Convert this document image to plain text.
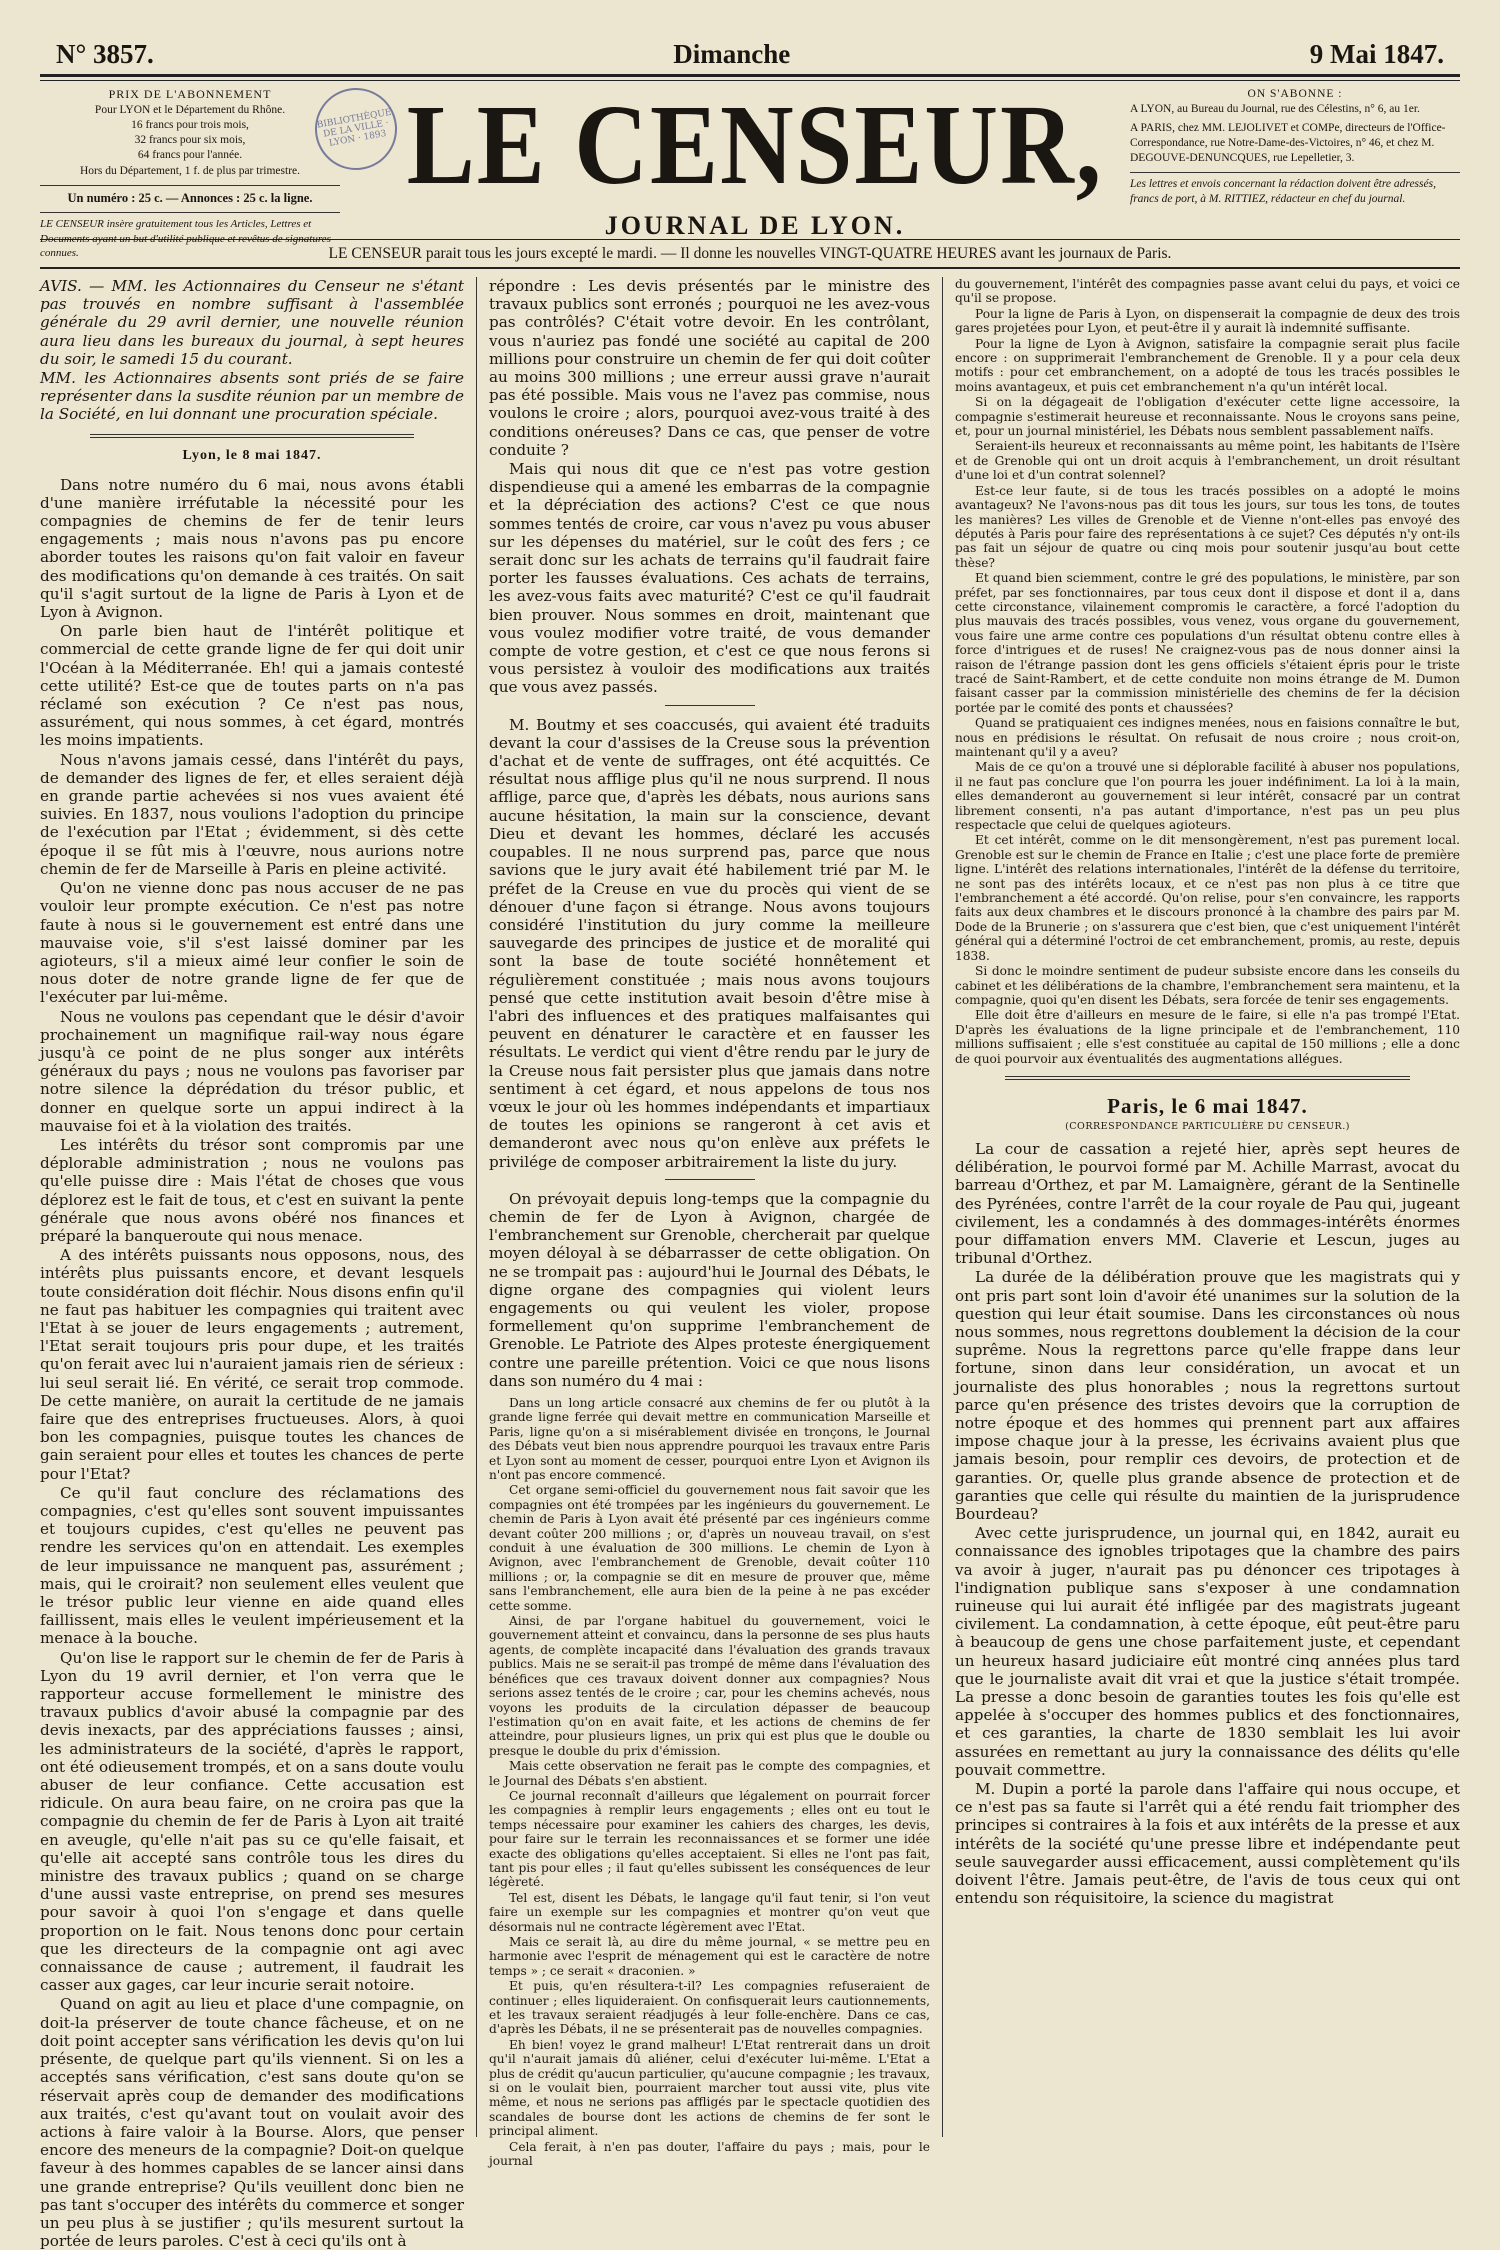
N° 3857.	Dimanche	9 Mai 1847.
PRIX DE L'ABONNEMENT
Pour LYON et le Département du Rhône.
16 francs pour trois mois,
32 francs pour six mois,
64 francs pour l'année.
Hors du Département, 1 f. de plus par trimestre.
Un numéro : 25 c. — Annonces : 25 c. la ligne.
LE CENSEUR insère gratuitement tous les Articles, Lettres et Documents ayant un but d'utilité publique et revêtus de signatures connues.
LE CENSEUR,
JOURNAL DE LYON.
ON S'ABONNE :
A LYON, au Bureau du Journal, rue des Célestins, n° 6, au 1er.
A PARIS, chez MM. LEJOLIVET et COMPe, directeurs de l'Office-Correspondance, rue Notre-Dame-des-Victoires, n° 46, et chez M. DEGOUVE-DENUNCQUES, rue Lepelletier, 3.
Les lettres et envois concernant la rédaction doivent être adressés, francs de port, à M. RITTIEZ, rédacteur en chef du journal.
BIBLIOTHÈQUE DE LA VILLE · LYON · 1893
LE CENSEUR parait tous les jours excepté le mardi. — Il donne les nouvelles VINGT-QUATRE HEURES avant les journaux de Paris.

AVIS. — MM. les Actionnaires du Censeur ne s'étant pas trouvés en nombre suffisant à l'assemblée générale du 29 avril dernier, une nouvelle réunion aura lieu dans les bureaux du journal, à sept heures du soir, le samedi 15 du courant.

MM. les Actionnaires absents sont priés de se faire représenter dans la susdite réunion par un membre de la Société, en lui donnant une procuration spéciale.

Lyon, le 8 mai 1847.

Dans notre numéro du 6 mai, nous avons établi d'une manière irréfutable la nécessité pour les compagnies de chemins de fer de tenir leurs engagements ; mais nous n'avons pas pu encore aborder toutes les raisons qu'on fait valoir en faveur des modifications qu'on demande à ces traités. On sait qu'il s'agit surtout de la ligne de Paris à Lyon et de Lyon à Avignon.

On parle bien haut de l'intérêt politique et commercial de cette grande ligne de fer qui doit unir l'Océan à la Méditerranée. Eh! qui a jamais contesté cette utilité? Est-ce que de toutes parts on n'a pas réclamé son exécution ? Ce n'est pas nous, assurément, qui nous sommes, à cet égard, montrés les moins impatients.

Nous n'avons jamais cessé, dans l'intérêt du pays, de demander des lignes de fer, et elles seraient déjà en grande partie achevées si nos vues avaient été suivies. En 1837, nous voulions l'adoption du principe de l'exécution par l'Etat ; évidemment, si dès cette époque il se fût mis à l'œuvre, nous aurions notre chemin de fer de Marseille à Paris en pleine activité.

Qu'on ne vienne donc pas nous accuser de ne pas vouloir leur prompte exécution. Ce n'est pas notre faute à nous si le gouvernement est entré dans une mauvaise voie, s'il s'est laissé dominer par les agioteurs, s'il a mieux aimé leur confier le soin de nous doter de notre grande ligne de fer que de l'exécuter par lui-même.

Nous ne voulons pas cependant que le désir d'avoir prochainement un magnifique rail-way nous égare jusqu'à ce point de ne plus songer aux intérêts généraux du pays ; nous ne voulons pas favoriser par notre silence la déprédation du trésor public, et donner en quelque sorte un appui indirect à la mauvaise foi et à la violation des traités.

Les intérêts du trésor sont compromis par une déplorable administration ; nous ne voulons pas qu'elle puisse dire : Mais l'état de choses que vous déplorez est le fait de tous, et c'est en suivant la pente générale que nous avons obéré nos finances et préparé la banqueroute qui nous menace.

A des intérêts puissants nous opposons, nous, des intérêts plus puissants encore, et devant lesquels toute considération doit fléchir. Nous disons enfin qu'il ne faut pas habituer les compagnies qui traitent avec l'Etat à se jouer de leurs engagements ; autrement, l'Etat serait toujours pris pour dupe, et les traités qu'on ferait avec lui n'auraient jamais rien de sérieux : lui seul serait lié. En vérité, ce serait trop commode. De cette manière, on aurait la certitude de ne jamais faire que des entreprises fructueuses. Alors, à quoi bon les compagnies, puisque toutes les chances de gain seraient pour elles et toutes les chances de perte pour l'Etat?

Ce qu'il faut conclure des réclamations des compagnies, c'est qu'elles sont souvent impuissantes et toujours cupides, c'est qu'elles ne peuvent pas rendre les services qu'on en attendait. Les exemples de leur impuissance ne manquent pas, assurément ; mais, qui le croirait? non seulement elles veulent que le trésor public leur vienne en aide quand elles faillissent, mais elles le veulent impérieusement et la menace à la bouche.

Qu'on lise le rapport sur le chemin de fer de Paris à Lyon du 19 avril dernier, et l'on verra que le rapporteur accuse formellement le ministre des travaux publics d'avoir abusé la compagnie par des devis inexacts, par des appréciations fausses ; ainsi, les administrateurs de la société, d'après le rapport, ont été odieusement trompés, et on a sans doute voulu abuser de leur confiance. Cette accusation est ridicule. On aura beau faire, on ne croira pas que la compagnie du chemin de fer de Paris à Lyon ait traité en aveugle, qu'elle n'ait pas su ce qu'elle faisait, et qu'elle ait accepté sans contrôle tous les dires du ministre des travaux publics ; quand on se charge d'une aussi vaste entreprise, on prend ses mesures pour savoir à quoi l'on s'engage et dans quelle proportion on le fait. Nous tenons donc pour certain que les directeurs de la compagnie ont agi avec connaissance de cause ; autrement, il faudrait les casser aux gages, car leur incurie serait notoire.

Quand on agit au lieu et place d'une compagnie, on doit-la préserver de toute chance fâcheuse, et on ne doit point accepter sans vérification les devis qu'on lui présente, de quelque part qu'ils viennent. Si on les a acceptés sans vérification, c'est sans doute qu'on se réservait après coup de demander des modifications aux traités, c'est qu'avant tout on voulait avoir des actions à faire valoir à la Bourse. Alors, que penser encore des meneurs de la compagnie? Doit-on quelque faveur à des hommes capables de se lancer ainsi dans une grande entreprise? Qu'ils veuillent donc bien ne pas tant s'occuper des intérêts du commerce et songer un peu plus à se justifier ; qu'ils mesurent surtout la portée de leurs paroles. C'est à ceci qu'ils ont à

répondre : Les devis présentés par le ministre des travaux publics sont erronés ; pourquoi ne les avez-vous pas contrôlés? C'était votre devoir. En les contrôlant, vous n'auriez pas fondé une société au capital de 200 millions pour construire un chemin de fer qui doit coûter au moins 300 millions ; une erreur aussi grave n'aurait pas été possible. Mais vous ne l'avez pas commise, nous voulons le croire ; alors, pourquoi avez-vous traité à des conditions onéreuses? Dans ce cas, que penser de votre conduite ?

Mais qui nous dit que ce n'est pas votre gestion dispendieuse qui a amené les embarras de la compagnie et la dépréciation des actions? C'est ce que nous sommes tentés de croire, car vous n'avez pu vous abuser sur les dépenses du matériel, sur le coût des fers ; ce serait donc sur les achats de terrains qu'il faudrait faire porter les fausses évaluations. Ces achats de terrains, les avez-vous faits avec maturité? C'est ce qu'il faudrait bien prouver. Nous sommes en droit, maintenant que vous voulez modifier votre traité, de vous demander compte de votre gestion, et c'est ce que nous ferons si vous persistez à vouloir des modifications aux traités que vous avez passés.

M. Boutmy et ses coaccusés, qui avaient été traduits devant la cour d'assises de la Creuse sous la prévention d'achat et de vente de suffrages, ont été acquittés. Ce résultat nous afflige plus qu'il ne nous surprend. Il nous afflige, parce que, d'après les débats, nous aurions sans aucune hésitation, la main sur la conscience, devant Dieu et devant les hommes, déclaré les accusés coupables. Il ne nous surprend pas, parce que nous savions que le jury avait été habilement trié par M. le préfet de la Creuse en vue du procès qui vient de se dénouer d'une façon si étrange. Nous avons toujours considéré l'institution du jury comme la meilleure sauvegarde des principes de justice et de moralité qui sont la base de toute société honnêtement et régulièrement constituée ; mais nous avons toujours pensé que cette institution avait besoin d'être mise à l'abri des influences et des pratiques malfaisantes qui peuvent en dénaturer le caractère et en fausser les résultats. Le verdict qui vient d'être rendu par le jury de la Creuse nous fait persister plus que jamais dans notre sentiment à cet égard, et nous appelons de tous nos vœux le jour où les hommes indépendants et impartiaux de toutes les opinions se rangeront à cet avis et demanderont avec nous qu'on enlève aux préfets le privilége de composer arbitrairement la liste du jury.

On prévoyait depuis long-temps que la compagnie du chemin de fer de Lyon à Avignon, chargée de l'embranchement sur Grenoble, chercherait par quelque moyen déloyal à se débarrasser de cette obligation. On ne se trompait pas : aujourd'hui le Journal des Débats, le digne organe des compagnies qui violent leurs engagements ou qui veulent les violer, propose formellement qu'on supprime l'embranchement de Grenoble. Le Patriote des Alpes proteste énergiquement contre une pareille prétention. Voici ce que nous lisons dans son numéro du 4 mai :

Dans un long article consacré aux chemins de fer ou plutôt à la grande ligne ferrée qui devait mettre en communication Marseille et Paris, ligne qu'on a si misérablement divisée en tronçons, le Journal des Débats veut bien nous apprendre pourquoi les travaux entre Paris et Lyon sont au moment de cesser, pourquoi entre Lyon et Avignon ils n'ont pas encore commencé.

Cet organe semi-officiel du gouvernement nous fait savoir que les compagnies ont été trompées par les ingénieurs du gouvernement. Le chemin de Paris à Lyon avait été présenté par ces ingénieurs comme devant coûter 200 millions ; or, d'après un nouveau travail, on s'est conduit à une évaluation de 300 millions. Le chemin de Lyon à Avignon, avec l'embranchement de Grenoble, devait coûter 110 millions ; or, la compagnie se dit en mesure de prouver que, même sans l'embranchement, elle aura bien de la peine à ne pas excéder cette somme.

Ainsi, de par l'organe habituel du gouvernement, voici le gouvernement atteint et convaincu, dans la personne de ses plus hauts agents, de complète incapacité dans l'évaluation des grands travaux publics. Mais ne se serait-il pas trompé de même dans l'évaluation des bénéfices que ces travaux doivent donner aux compagnies? Nous serions assez tentés de le croire ; car, pour les chemins achevés, nous voyons les produits de la circulation dépasser de beaucoup l'estimation qu'on en avait faite, et les actions de chemins de fer atteindre, pour plusieurs lignes, un prix qui est plus que le double ou presque le double du prix d'émission.

Mais cette observation ne ferait pas le compte des compagnies, et le Journal des Débats s'en abstient.

Ce journal reconnaît d'ailleurs que légalement on pourrait forcer les compagnies à remplir leurs engagements ; elles ont eu tout le temps nécessaire pour examiner les cahiers des charges, les devis, pour faire sur le terrain les reconnaissances et se former une idée exacte des obligations qu'elles acceptaient. Si elles ne l'ont pas fait, tant pis pour elles ; il faut qu'elles subissent les conséquences de leur légèreté.

Tel est, disent les Débats, le langage qu'il faut tenir, si l'on veut faire un exemple sur les compagnies et montrer qu'on veut que désormais nul ne contracte légèrement avec l'Etat.

Mais ce serait là, au dire du même journal, « se mettre peu en harmonie avec l'esprit de ménagement qui est le caractère de notre temps » ; ce serait « draconien. »

Et puis, qu'en résultera-t-il? Les compagnies refuseraient de continuer ; elles liquideraient. On confisquerait leurs cautionnements, et les travaux seraient réadjugés à leur folle-enchère. Dans ce cas, d'après les Débats, il ne se présenterait pas de nouvelles compagnies.

Eh bien! voyez le grand malheur! L'Etat rentrerait dans un droit qu'il n'aurait jamais dû aliéner, celui d'exécuter lui-même. L'Etat a plus de crédit qu'aucun particulier, qu'aucune compagnie ; les travaux, si on le voulait bien, pourraient marcher tout aussi vite, plus vite même, et nous ne serions pas affligés par le spectacle quotidien des scandales de bourse dont les actions de chemins de fer sont le principal aliment.

Cela ferait, à n'en pas douter, l'affaire du pays ; mais, pour le journal

du gouvernement, l'intérêt des compagnies passe avant celui du pays, et voici ce qu'il se propose.

Pour la ligne de Paris à Lyon, on dispenserait la compagnie de deux des trois gares projetées pour Lyon, et peut-être il y aurait là indemnité suffisante.

Pour la ligne de Lyon à Avignon, satisfaire la compagnie serait plus facile encore : on supprimerait l'embranchement de Grenoble. Il y a pour cela deux motifs : pour cet embranchement, on a adopté de tous les tracés possibles le moins avantageux, et puis cet embranchement n'a qu'un intérêt local.

Si on la dégageait de l'obligation d'exécuter cette ligne accessoire, la compagnie s'estimerait heureuse et reconnaissante. Nous le croyons sans peine, et, pour un journal ministériel, les Débats nous semblent passablement naïfs.

Seraient-ils heureux et reconnaissants au même point, les habitants de l'Isère et de Grenoble qui ont un droit acquis à l'embranchement, un droit résultant d'une loi et d'un contrat solennel?

Est-ce leur faute, si de tous les tracés possibles on a adopté le moins avantageux? Ne l'avons-nous pas dit tous les jours, sur tous les tons, de toutes les manières? Les villes de Grenoble et de Vienne n'ont-elles pas envoyé des députés à Paris pour faire des représentations à ce sujet? Ces députés n'y ont-ils pas fait un séjour de quatre ou cinq mois pour soutenir jusqu'au bout cette thèse?

Et quand bien sciemment, contre le gré des populations, le ministère, par son préfet, par ses fonctionnaires, par tous ceux dont il dispose et dont il a, dans cette circonstance, vilainement compromis le caractère, a forcé l'adoption du plus mauvais des tracés possibles, vous venez, vous organe du gouvernement, vous faire une arme contre ces populations d'un résultat obtenu contre elles à force d'intrigues et de ruses! Ne craignez-vous pas de nous donner ainsi la raison de l'étrange passion dont les gens officiels s'étaient épris pour le triste tracé de Saint-Rambert, et de cette conduite non moins étrange de M. Dumon faisant casser par la commission ministérielle des chemins de fer la décision portée par le comité des ponts et chaussées?

Quand se pratiquaient ces indignes menées, nous en faisions connaître le but, nous en prédisions le résultat. On refusait de nous croire ; nous croit-on, maintenant qu'il y a aveu?

Mais de ce qu'on a trouvé une si déplorable facilité à abuser nos populations, il ne faut pas conclure que l'on pourra les jouer indéfiniment. La loi à la main, elles demanderont au gouvernement si leur intérêt, consacré par un contrat librement consenti, n'a pas autant d'importance, n'est pas un peu plus respectacle que celui de quelques agioteurs.

Et cet intérêt, comme on le dit mensongèrement, n'est pas purement local. Grenoble est sur le chemin de France en Italie ; c'est une place forte de première ligne. L'intérêt des relations internationales, l'intérêt de la défense du territoire, ne sont pas des intérêts locaux, et ce n'est pas non plus à ce titre que l'embranchement a été accordé. Qu'on relise, pour s'en convaincre, les rapports faits aux deux chambres et le discours prononcé à la chambre des pairs par M. Dode de la Brunerie ; on s'assurera que c'est bien, que c'est uniquement l'intérêt général qui a déterminé l'octroi de cet embranchement, promis, au reste, depuis 1838.

Si donc le moindre sentiment de pudeur subsiste encore dans les conseils du cabinet et les délibérations de la chambre, l'embranchement sera maintenu, et la compagnie, quoi qu'en disent les Débats, sera forcée de tenir ses engagements.

Elle doit être d'ailleurs en mesure de le faire, si elle n'a pas trompé l'Etat. D'après les évaluations de la ligne principale et de l'embranchement, 110 millions suffisaient ; elle s'est constituée au capital de 150 millions ; elle a donc de quoi pourvoir aux éventualités des augmentations allégues.

Paris, le 6 mai 1847.
(CORRESPONDANCE PARTICULIÈRE DU CENSEUR.)

La cour de cassation a rejeté hier, après sept heures de délibération, le pourvoi formé par M. Achille Marrast, avocat du barreau d'Orthez, et par M. Lamaignère, gérant de la Sentinelle des Pyrénées, contre l'arrêt de la cour royale de Pau qui, jugeant civilement, les a condamnés à des dommages-intérêts énormes pour diffamation envers MM. Claverie et Lescun, juges au tribunal d'Orthez.

La durée de la délibération prouve que les magistrats qui y ont pris part sont loin d'avoir été unanimes sur la solution de la question qui leur était soumise. Dans les circonstances où nous nous sommes, nous regrettons doublement la décision de la cour suprême. Nous la regrettons parce qu'elle frappe dans leur fortune, sinon dans leur considération, un avocat et un journaliste des plus honorables ; nous la regrettons surtout parce qu'en présence des tristes devoirs que la corruption de notre époque et des hommes qui prennent part aux affaires impose chaque jour à la presse, les écrivains avaient plus que jamais besoin, pour remplir ces devoirs, de protection et de garanties. Or, quelle plus grande absence de protection et de garanties que celle qui résulte du maintien de la jurisprudence Bourdeau?

Avec cette jurisprudence, un journal qui, en 1842, aurait eu connaissance des ignobles tripotages que la chambre des pairs va avoir à juger, n'aurait pas pu dénoncer ces tripotages à l'indignation publique sans s'exposer à une condamnation ruineuse qui lui aurait été infligée par des magistrats jugeant civilement. La condamnation, à cette époque, eût peut-être paru à beaucoup de gens une chose parfaitement juste, et cependant un heureux hasard judiciaire eût montré cinq années plus tard que le journaliste avait dit vrai et que la justice s'était trompée. La presse a donc besoin de garanties toutes les fois qu'elle est appelée à s'occuper des hommes publics et des fonctionnaires, et ces garanties, la charte de 1830 semblait les lui avoir assurées en remettant au jury la connaissance des délits qu'elle pouvait commettre.

M. Dupin a porté la parole dans l'affaire qui nous occupe, et ce n'est pas sa faute si l'arrêt qui a été rendu fait triompher des principes si contraires à la fois et aux intérêts de la presse et aux intérêts de la société qu'une presse libre et indépendante peut seule sauvegarder aussi efficacement, aussi complètement qu'ils doivent l'être. Jamais peut-être, de l'avis de tous ceux qui ont entendu son réquisitoire, la science du magistrat
